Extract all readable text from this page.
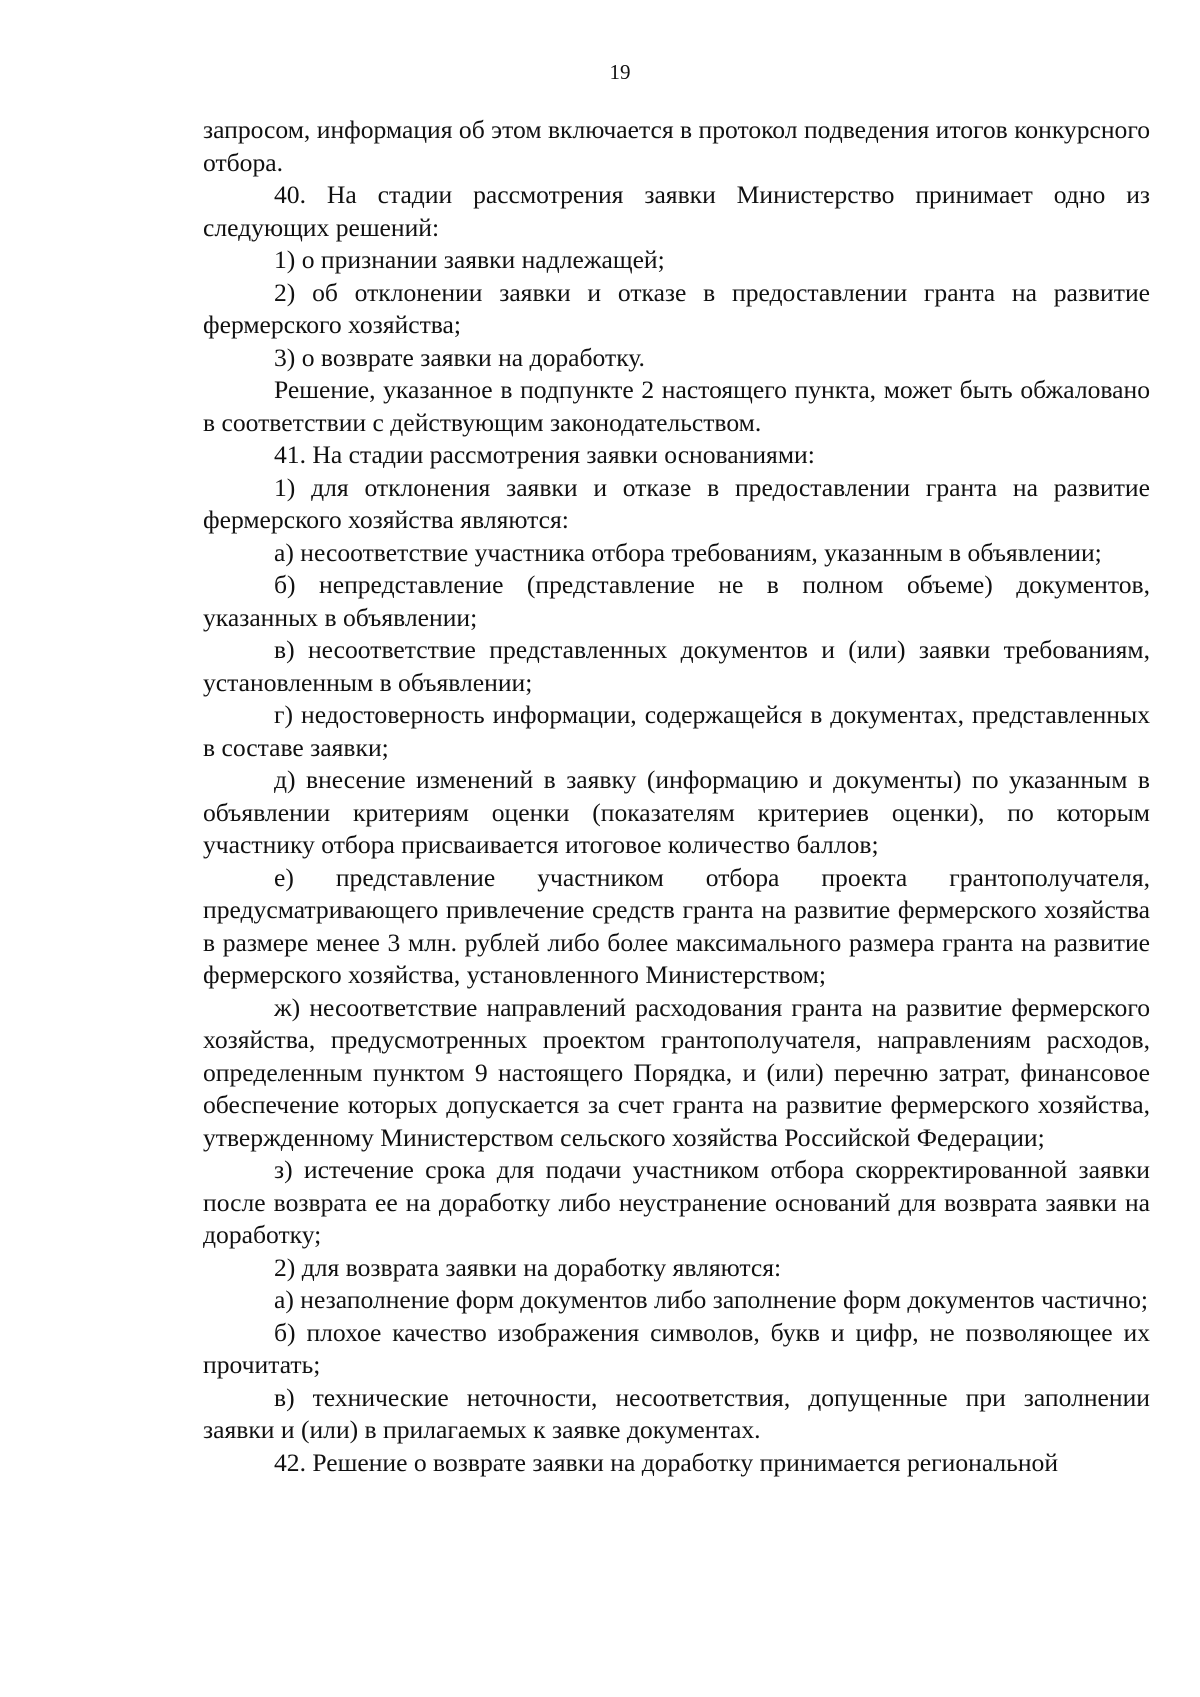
19

запросом, информация об этом включается в протокол подведения итогов конкурсного отбора.

40. На стадии рассмотрения заявки Министерство принимает одно из следующих решений:

1) о признании заявки надлежащей;

2) об отклонении заявки и отказе в предоставлении гранта на развитие фермерского хозяйства;

3) о возврате заявки на доработку.

Решение, указанное в подпункте 2 настоящего пункта, может быть обжаловано в соответствии с действующим законодательством.

41. На стадии рассмотрения заявки основаниями:

1) для отклонения заявки и отказе в предоставлении гранта на развитие фермерского хозяйства являются:

а) несоответствие участника отбора требованиям, указанным в объявлении;

б) непредставление (представление не в полном объеме) документов, указанных в объявлении;

в) несоответствие представленных документов и (или) заявки требованиям, установленным в объявлении;

г) недостоверность информации, содержащейся в документах, представленных в составе заявки;

д) внесение изменений в заявку (информацию и документы) по указанным в объявлении критериям оценки (показателям критериев оценки), по которым участнику отбора присваивается итоговое количество баллов;

е) представление участником отбора проекта грантополучателя, предусматривающего привлечение средств гранта на развитие фермерского хозяйства в размере менее 3 млн. рублей либо более максимального размера гранта на развитие фермерского хозяйства, установленного Министерством;

ж) несоответствие направлений расходования гранта на развитие фермерского хозяйства, предусмотренных проектом грантополучателя, направлениям расходов, определенным пунктом 9 настоящего Порядка, и (или) перечню затрат, финансовое обеспечение которых допускается за счет гранта на развитие фермерского хозяйства, утвержденному Министерством сельского хозяйства Российской Федерации;

з) истечение срока для подачи участником отбора скорректированной заявки после возврата ее на доработку либо неустранение оснований для возврата заявки на доработку;

2) для возврата заявки на доработку являются:

а) незаполнение форм документов либо заполнение форм документов частично;

б) плохое качество изображения символов, букв и цифр, не позволяющее их прочитать;

в) технические неточности, несоответствия, допущенные при заполнении заявки и (или) в прилагаемых к заявке документах.

42. Решение о возврате заявки на доработку принимается региональной
